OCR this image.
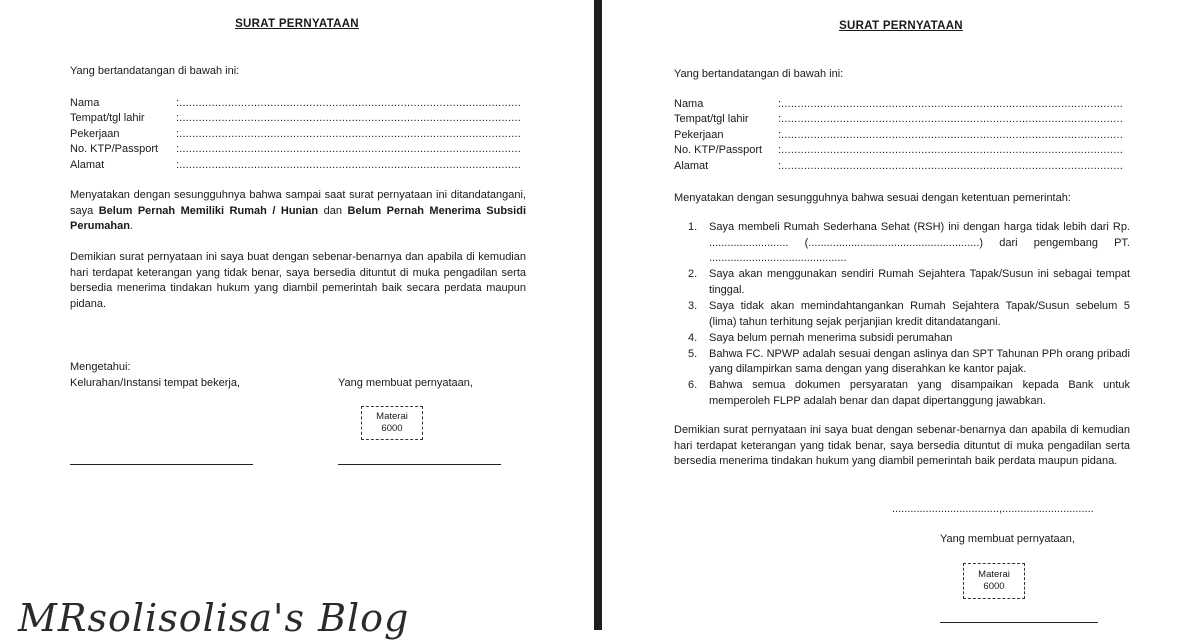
SURAT PERNYATAAN
Yang bertandatangan di bawah ini:
Nama	: .....
Tempat/tgl lahir	: .....
Pekerjaan	: .....
No. KTP/Passport	: .....
Alamat	: .....
Menyatakan dengan sesungguhnya bahwa sampai saat surat pernyataan ini ditandatangani, saya Belum Pernah Memiliki Rumah / Hunian dan Belum Pernah Menerima Subsidi Perumahan.
Demikian surat pernyataan ini saya buat dengan sebenar-benarnya dan apabila di kemudian hari terdapat keterangan yang tidak benar, saya bersedia dituntut di muka pengadilan serta bersedia menerima tindakan hukum yang diambil pemerintah baik secara perdata maupun pidana.
Mengetahui:
Kelurahan/Instansi tempat bekerja,	Yang membuat pernyataan,
Materai
6000
SURAT PERNYATAAN
Yang bertandatangan di bawah ini:
Nama	: .....
Tempat/tgl lahir	: .....
Pekerjaan	: .....
No. KTP/Passport	: .....
Alamat	: .....
Menyatakan dengan sesungguhnya bahwa sesuai dengan ketentuan pemerintah:
1. Saya membeli Rumah Sederhana Sehat (RSH) ini dengan harga tidak lebih dari Rp. .......................... (........................................................) dari pengembang PT. .............................................
2. Saya akan menggunakan sendiri Rumah Sejahtera Tapak/Susun ini sebagai tempat tinggal.
3. Saya tidak akan memindahtangankan Rumah Sejahtera Tapak/Susun sebelum 5 (lima) tahun terhitung sejak perjanjian kredit ditandatangani.
4. Saya belum pernah menerima subsidi perumahan
5. Bahwa FC. NPWP adalah sesuai dengan aslinya dan SPT Tahunan PPh orang pribadi yang dilampirkan sama dengan yang diserahkan ke kantor pajak.
6. Bahwa semua dokumen persyaratan yang disampaikan kepada Bank untuk memperoleh FLPP adalah benar dan dapat dipertanggung jawabkan.
Demikian surat pernyataan ini saya buat dengan sebenar-benarnya dan apabila di kemudian hari terdapat keterangan yang tidak benar, saya bersedia dituntut di muka pengadilan serta bersedia menerima tindakan hukum yang diambil pemerintah baik perdata maupun pidana.
...................................,..............................
Yang membuat pernyataan,
Materai
6000
MRsolisolisa's Blog
